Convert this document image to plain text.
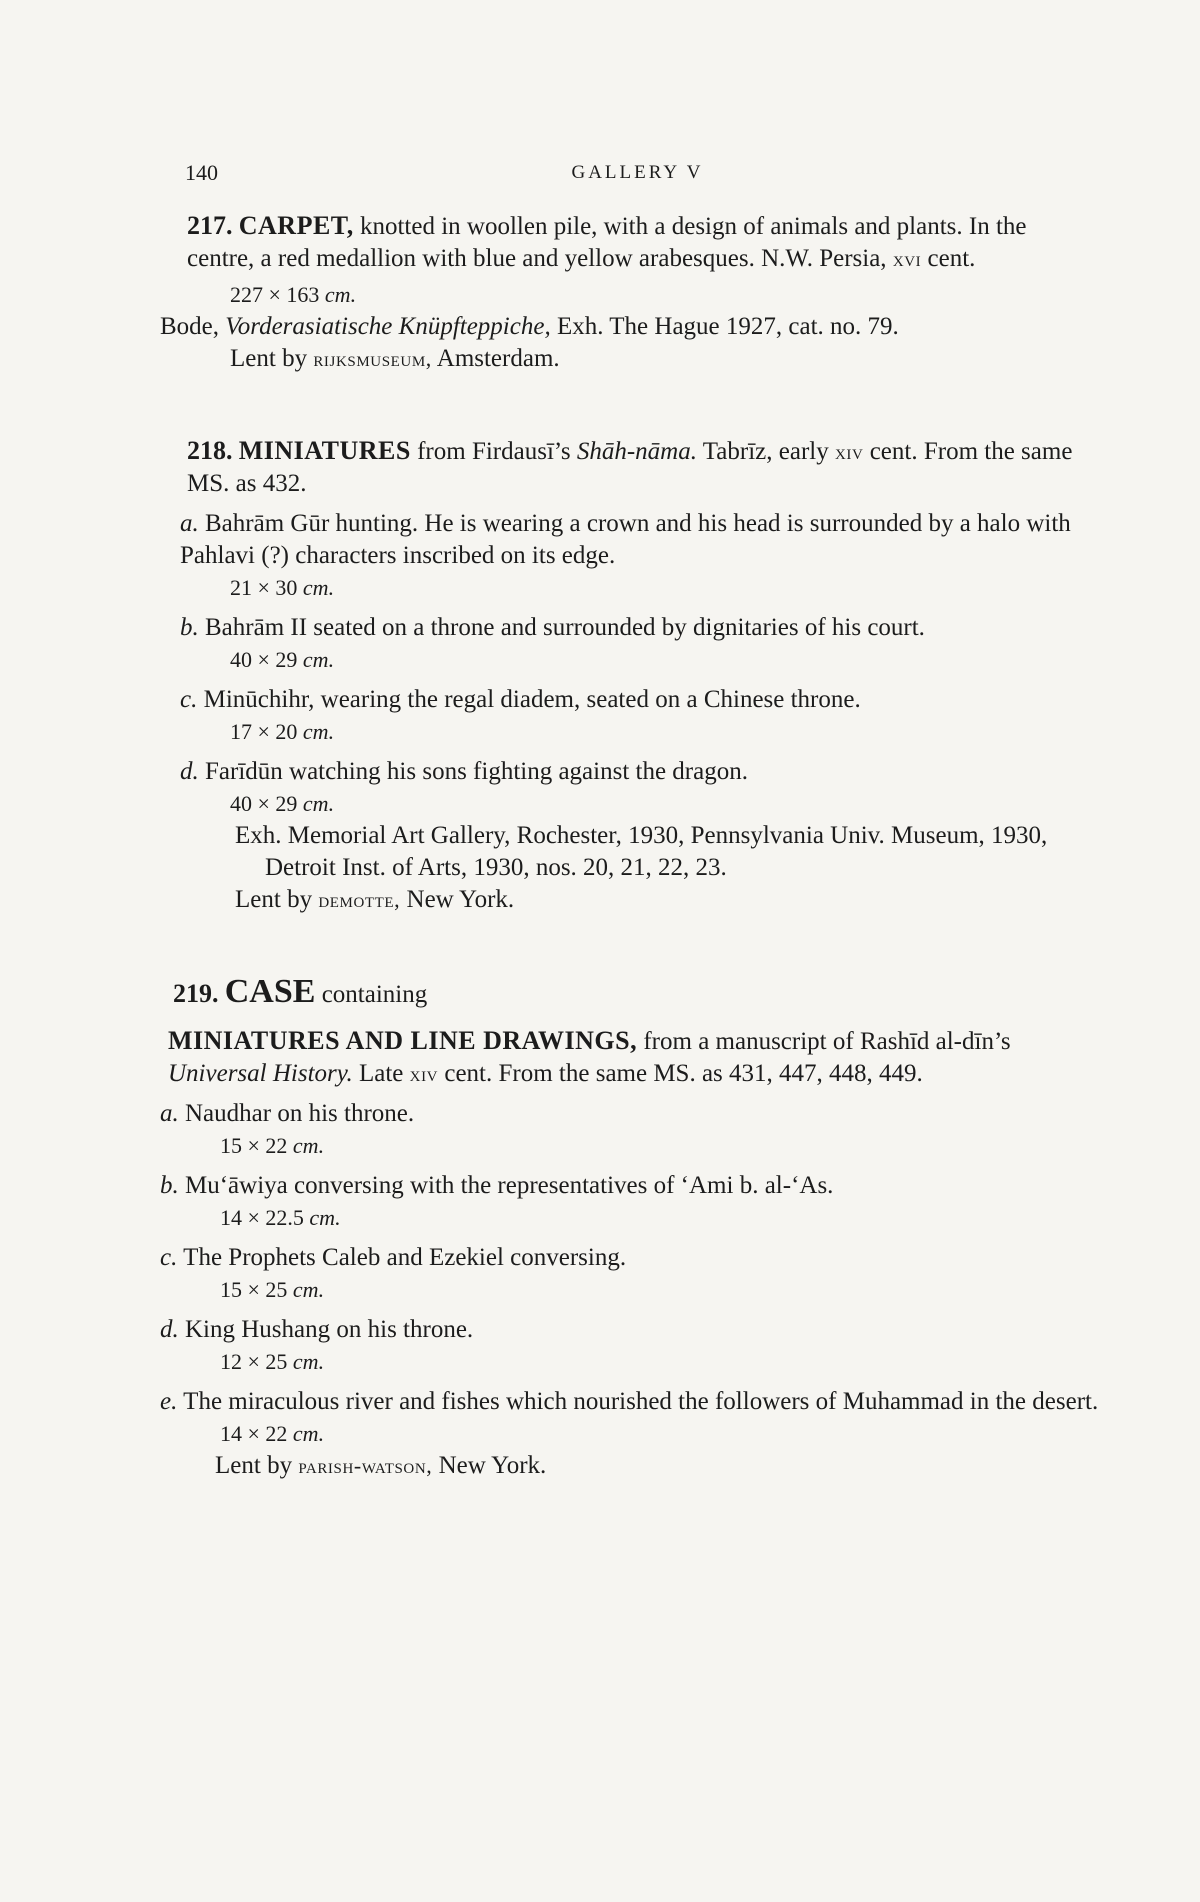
140	GALLERY V

217. CARPET, knotted in woollen pile, with a design of animals and plants. In the centre, a red medallion with blue and yellow arabesques. N.W. Persia, xvi cent.

227 × 163 cm.

Bode, Vorderasiatische Knüpfteppiche, Exh. The Hague 1927, cat. no. 79.

Lent by rijksmuseum, Amsterdam.

218. MINIATURES from Firdausī’s Shāh-nāma. Tabrīz, early xiv cent. From the same MS. as 432.

a. Bahrām Gūr hunting. He is wearing a crown and his head is surrounded by a halo with Pahlavi (?) characters inscribed on its edge.

21 × 30 cm.

b. Bahrām II seated on a throne and surrounded by dignitaries of his court.

40 × 29 cm.

c. Minūchihr, wearing the regal diadem, seated on a Chinese throne.

17 × 20 cm.

d. Farīdūn watching his sons fighting against the dragon.

40 × 29 cm.

Exh. Memorial Art Gallery, Rochester, 1930, Pennsylvania Univ. Museum, 1930, Detroit Inst. of Arts, 1930, nos. 20, 21, 22, 23.

Lent by demotte, New York.

219. CASE containing

MINIATURES AND LINE DRAWINGS, from a manuscript of Rashīd al-dīn’s Universal History. Late xiv cent. From the same MS. as 431, 447, 448, 449.

a. Naudhar on his throne.

15 × 22 cm.

b. Mu‘āwiya conversing with the representatives of ‘Ami b. al-‘As.

14 × 22.5 cm.

c. The Prophets Caleb and Ezekiel conversing.

15 × 25 cm.

d. King Hushang on his throne.

12 × 25 cm.

e. The miraculous river and fishes which nourished the followers of Muhammad in the desert.

14 × 22 cm.

Lent by parish-watson, New York.
